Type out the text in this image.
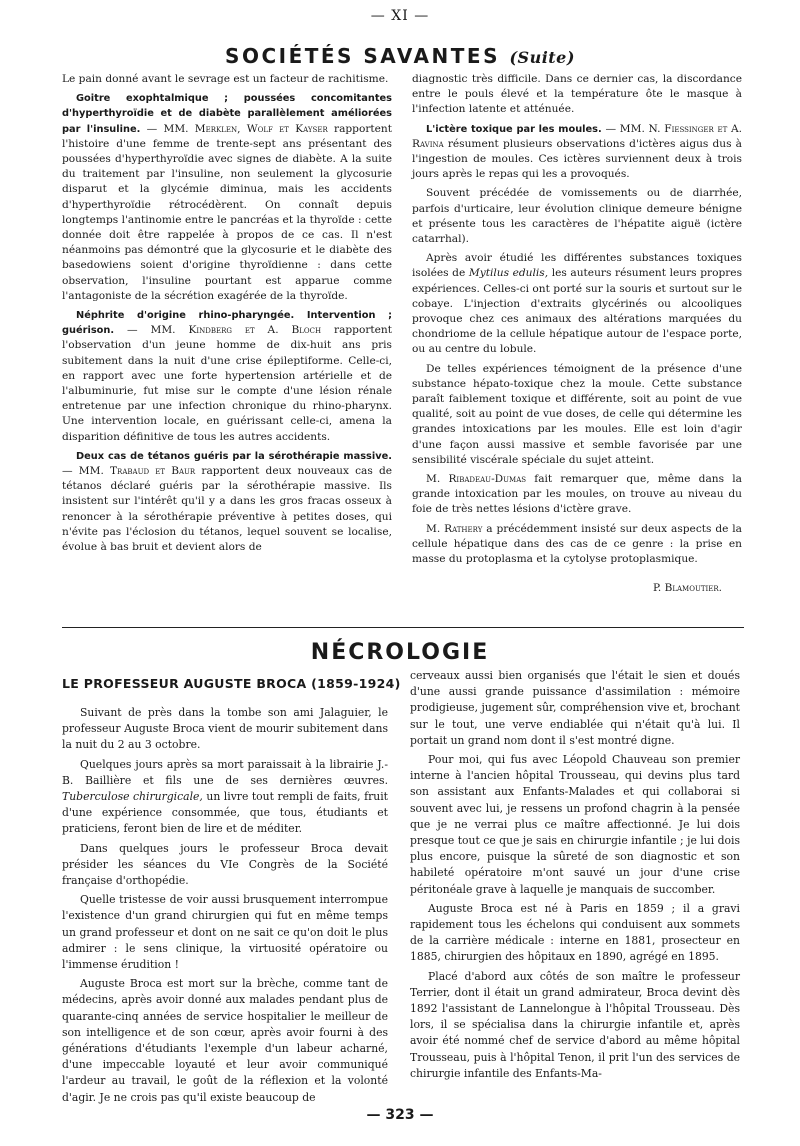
— XI —
SOCIÉTÉS SAVANTES (Suite)

Le pain donné avant le sevrage est un facteur de rachitisme.

Goitre exophtalmique ; poussées concomitantes d'hyperthyroïdie et de diabète parallèlement améliorées par l'insuline. — MM. Merklen, Wolf et Kayser rapportent l'histoire d'une femme de trente-sept ans présentant des poussées d'hyperthyroïdie avec signes de diabète. A la suite du traitement par l'insuline, non seulement la glycosurie disparut et la glycémie diminua, mais les accidents d'hyperthyroïdie rétrocédèrent. On connaît depuis longtemps l'antinomie entre le pancréas et la thyroïde : cette donnée doit être rappelée à propos de ce cas. Il n'est néanmoins pas démontré que la glycosurie et le diabète des basedowiens soient d'origine thyroïdienne : dans cette observation, l'insuline pourtant est apparue comme l'antagoniste de la sécrétion exagérée de la thyroïde.

Néphrite d'origine rhino-pharyngée. Intervention ; guérison. — MM. Kindberg et A. Bloch rapportent l'observation d'un jeune homme de dix-huit ans pris subitement dans la nuit d'une crise épileptiforme. Celle-ci, en rapport avec une forte hypertension artérielle et de l'albuminurie, fut mise sur le compte d'une lésion rénale entretenue par une infection chronique du rhino-pharynx. Une intervention locale, en guérissant celle-ci, amena la disparition définitive de tous les autres accidents.

Deux cas de tétanos guéris par la sérothérapie massive. — MM. Trabaud et Baur rapportent deux nouveaux cas de tétanos déclaré guéris par la sérothérapie massive. Ils insistent sur l'intérêt qu'il y a dans les gros fracas osseux à renoncer à la sérothérapie préventive à petites doses, qui n'évite pas l'éclosion du tétanos, lequel souvent se localise, évolue à bas bruit et devient alors de

diagnostic très difficile. Dans ce dernier cas, la discordance entre le pouls élevé et la température ôte le masque à l'infection latente et atténuée.

L'ictère toxique par les moules. — MM. N. Fiessinger et A. Ravina résument plusieurs observations d'ictères aigus dus à l'ingestion de moules. Ces ictères surviennent deux à trois jours après le repas qui les a provoqués.

Souvent précédée de vomissements ou de diarrhée, parfois d'urticaire, leur évolution clinique demeure bénigne et présente tous les caractères de l'hépatite aiguë (ictère catarrhal).

Après avoir étudié les différentes substances toxiques isolées de Mytilus edulis, les auteurs résument leurs propres expériences. Celles-ci ont porté sur la souris et surtout sur le cobaye. L'injection d'extraits glycérinés ou alcooliques provoque chez ces animaux des altérations marquées du chondriome de la cellule hépatique autour de l'espace porte, ou au centre du lobule.

De telles expériences témoignent de la présence d'une substance hépato-toxique chez la moule. Cette substance paraît faiblement toxique et différente, soit au point de vue qualité, soit au point de vue doses, de celle qui détermine les grandes intoxications par les moules. Elle est loin d'agir d'une façon aussi massive et semble favorisée par une sensibilité viscérale spéciale du sujet atteint.

M. Ribadeau-Dumas fait remarquer que, même dans la grande intoxication par les moules, on trouve au niveau du foie de très nettes lésions d'ictère grave.

M. Rathery a précédemment insisté sur deux aspects de la cellule hépatique dans des cas de ce genre : la prise en masse du protoplasma et la cytolyse protoplasmique.

P. Blamoutier.
NÉCROLOGIE
LE PROFESSEUR AUGUSTE BROCA (1859-1924)

Suivant de près dans la tombe son ami Jalaguier, le professeur Auguste Broca vient de mourir subitement dans la nuit du 2 au 3 octobre.

Quelques jours après sa mort paraissait à la librairie J.-B. Baillière et fils une de ses dernières œuvres. Tuberculose chirurgicale, un livre tout rempli de faits, fruit d'une expérience consommée, que tous, étudiants et praticiens, feront bien de lire et de méditer.

Dans quelques jours le professeur Broca devait présider les séances du VIe Congrès de la Société française d'orthopédie.

Quelle tristesse de voir aussi brusquement interrompue l'existence d'un grand chirurgien qui fut en même temps un grand professeur et dont on ne sait ce qu'on doit le plus admirer : le sens clinique, la virtuosité opératoire ou l'immense érudition !

Auguste Broca est mort sur la brèche, comme tant de médecins, après avoir donné aux malades pendant plus de quarante-cinq années de service hospitalier le meilleur de son intelligence et de son cœur, après avoir fourni à des générations d'étudiants l'exemple d'un labeur acharné, d'une impeccable loyauté et leur avoir communiqué l'ardeur au travail, le goût de la réflexion et la volonté d'agir. Je ne crois pas qu'il existe beaucoup de

cerveaux aussi bien organisés que l'était le sien et doués d'une aussi grande puissance d'assimilation : mémoire prodigieuse, jugement sûr, compréhension vive et, brochant sur le tout, une verve endiablée qui n'était qu'à lui. Il portait un grand nom dont il s'est montré digne.

Pour moi, qui fus avec Léopold Chauveau son premier interne à l'ancien hôpital Trousseau, qui devins plus tard son assistant aux Enfants-Malades et qui collaborai si souvent avec lui, je ressens un profond chagrin à la pensée que je ne verrai plus ce maître affectionné. Je lui dois presque tout ce que je sais en chirurgie infantile ; je lui dois plus encore, puisque la sûreté de son diagnostic et son habileté opératoire m'ont sauvé un jour d'une crise péritonéale grave à laquelle je manquais de succomber.

Auguste Broca est né à Paris en 1859 ; il a gravi rapidement tous les échelons qui conduisent aux sommets de la carrière médicale : interne en 1881, prosecteur en 1885, chirurgien des hôpitaux en 1890, agrégé en 1895.

Placé d'abord aux côtés de son maître le professeur Terrier, dont il était un grand admirateur, Broca devint dès 1892 l'assistant de Lannelongue à l'hôpital Trousseau. Dès lors, il se spécialisa dans la chirurgie infantile et, après avoir été nommé chef de service d'abord au même hôpital Trousseau, puis à l'hôpital Tenon, il prit l'un des services de chirurgie infantile des Enfants-Ma-

— 323 —
